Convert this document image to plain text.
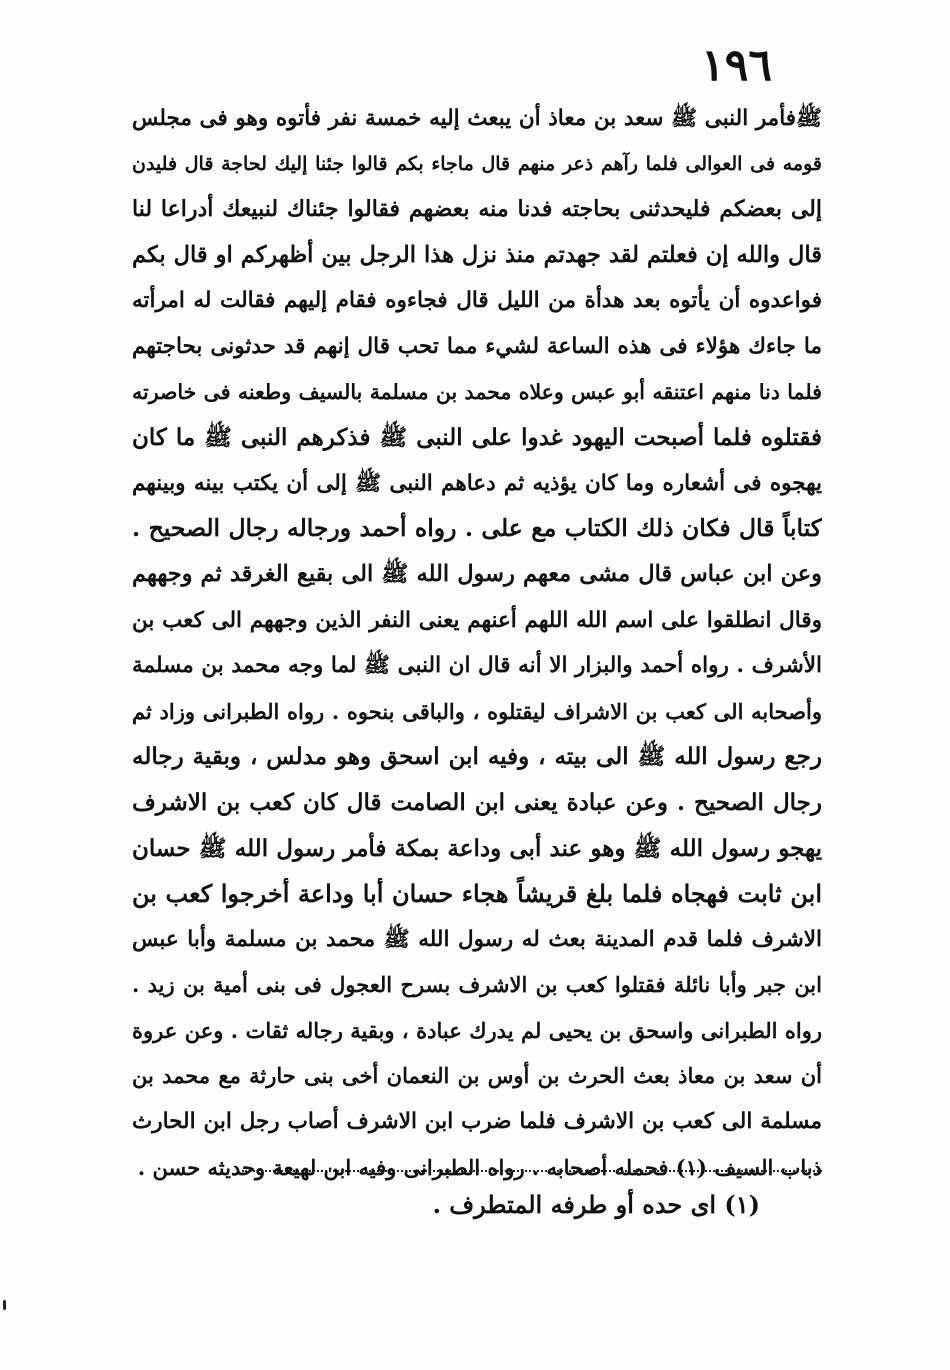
١٩٦
ﷺفأمر النبى ﷺ سعد بن معاذ أن يبعث إليه خمسة نفر فأتوه وهو فى مجلس
قومه فى العوالى فلما رآهم ذعر منهم قال ماجاء بكم قالوا جئنا إليك لحاجة قال فليدن
إلى بعضكم فليحدثنى بحاجته فدنا منه بعضهم فقالوا جئناك لنبيعك أدراعا لنا
قال والله إن فعلتم لقد جهدتم منذ نزل هذا الرجل بين أظهركم او قال بكم
فواعدوه أن يأتوه بعد هدأة من الليل قال فجاءوه فقام إليهم فقالت له امرأته
ما جاءك هؤلاء فى هذه الساعة لشيء مما تحب قال إنهم قد حدثونى بحاجتهم
فلما دنا منهم اعتنقه أبو عبس وعلاه محمد بن مسلمة بالسيف وطعنه فى خاصرته
فقتلوه فلما أصبحت اليهود غدوا على النبى ﷺ فذكرهم النبى ﷺ ما كان
يهجوه فى أشعاره وما كان يؤذيه ثم دعاهم النبى ﷺ إلى أن يكتب بينه وبينهم
كتاباً قال فكان ذلك الكتاب مع على . رواه أحمد ورجاله رجال الصحيح .
وعن ابن عباس قال مشى معهم رسول الله ﷺ الى بقيع الغرقد ثم وجههم
وقال انطلقوا على اسم الله اللهم أعنهم يعنى النفر الذين وجههم الى كعب بن
الأشرف . رواه أحمد والبزار الا أنه قال ان النبى ﷺ لما وجه محمد بن مسلمة
وأصحابه الى كعب بن الاشراف ليقتلوه ، والباقى بنحوه . رواه الطبرانى وزاد ثم
رجع رسول الله ﷺ الى بيته ، وفيه ابن اسحق وهو مدلس ، وبقية رجاله
رجال الصحيح . وعن عبادة يعنى ابن الصامت قال كان كعب بن الاشرف
يهجو رسول الله ﷺ وهو عند أبى وداعة بمكة فأمر رسول الله ﷺ حسان
ابن ثابت فهجاه فلما بلغ قريشاً هجاء حسان أبا وداعة أخرجوا كعب بن
الاشرف فلما قدم المدينة بعث له رسول الله ﷺ محمد بن مسلمة وأبا عبس
ابن جبر وأبا نائلة فقتلوا كعب بن الاشرف بسرح العجول فى بنى أمية بن زيد .
رواه الطبرانى واسحق بن يحيى لم يدرك عبادة ، وبقية رجاله ثقات . وعن عروة
أن سعد بن معاذ بعث الحرث بن أوس بن النعمان أخى بنى حارثة مع محمد بن
مسلمة الى كعب بن الاشرف فلما ضرب ابن الاشرف أصاب رجل ابن الحارث
ذباب السيف (١) فحمله أصحابه . رواه الطبرانى وفيه ابن لهيعة وحديثه حسن .
(١) اى حده أو طرفه المتطرف .
